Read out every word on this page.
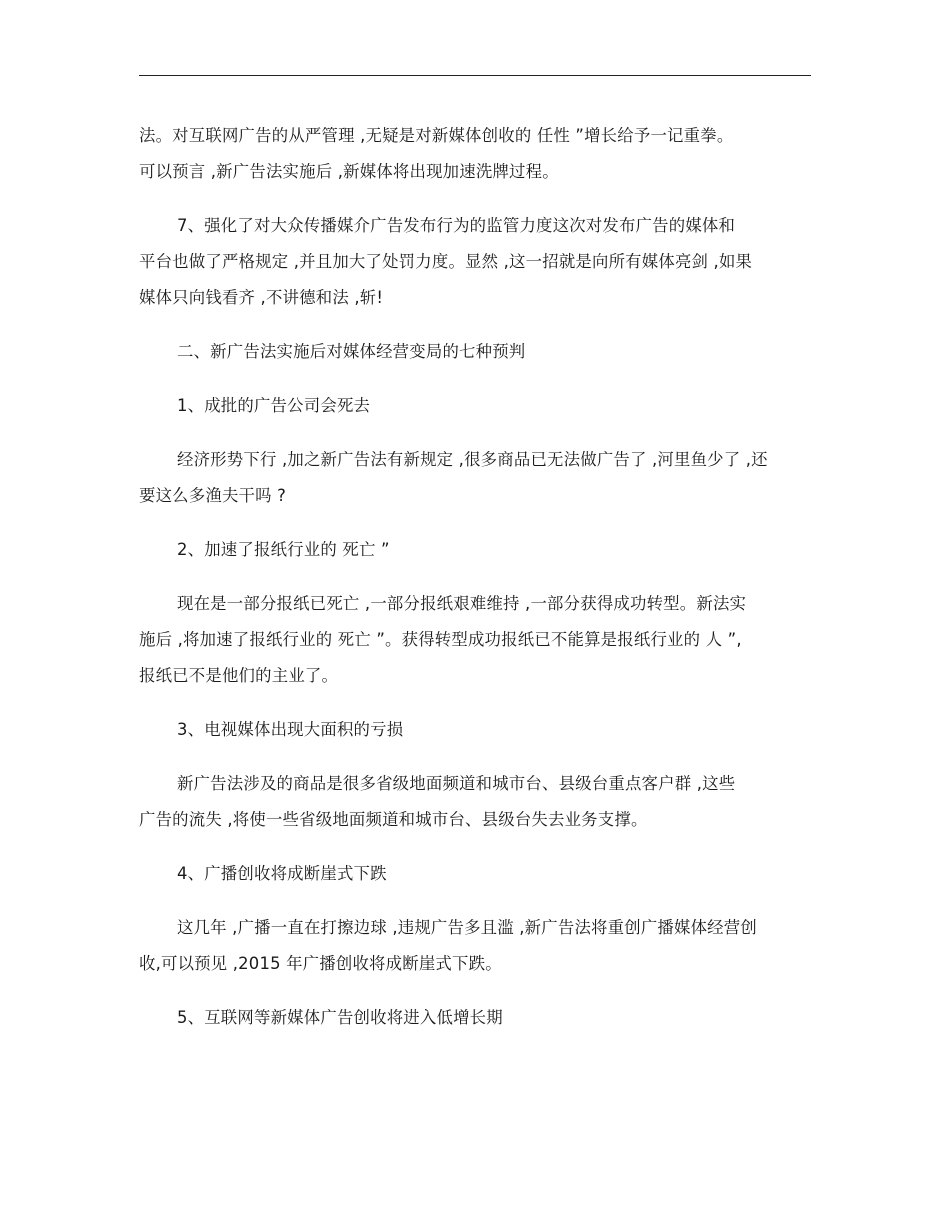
法。对互联网广告的从严管理 ,无疑是对新媒体创收的 任性 ”增长给予一记重拳。
可以预言 ,新广告法实施后 ,新媒体将出现加速洗牌过程。

7、强化了对大众传播媒介广告发布行为的监管力度这次对发布广告的媒体和
平台也做了严格规定 ,并且加大了处罚力度。显然 ,这一招就是向所有媒体亮剑 ,如果
媒体只向钱看齐 ,不讲德和法 ,斩!

二、新广告法实施后对媒体经营变局的七种预判

1、成批的广告公司会死去

经济形势下行 ,加之新广告法有新规定 ,很多商品已无法做广告了 ,河里鱼少了 ,还
要这么多渔夫干吗 ?

2、加速了报纸行业的 死亡 ”

现在是一部分报纸已死亡 ,一部分报纸艰难维持 ,一部分获得成功转型。新法实
施后 ,将加速了报纸行业的 死亡 ”。获得转型成功报纸已不能算是报纸行业的 人 ”,
报纸已不是他们的主业了。

3、电视媒体出现大面积的亏损

新广告法涉及的商品是很多省级地面频道和城市台、县级台重点客户群 ,这些
广告的流失 ,将使一些省级地面频道和城市台、县级台失去业务支撑。

4、广播创收将成断崖式下跌

这几年 ,广播一直在打擦边球 ,违规广告多且滥 ,新广告法将重创广播媒体经营创
收,可以预见 ,2015 年广播创收将成断崖式下跌。

5、互联网等新媒体广告创收将进入低增长期
